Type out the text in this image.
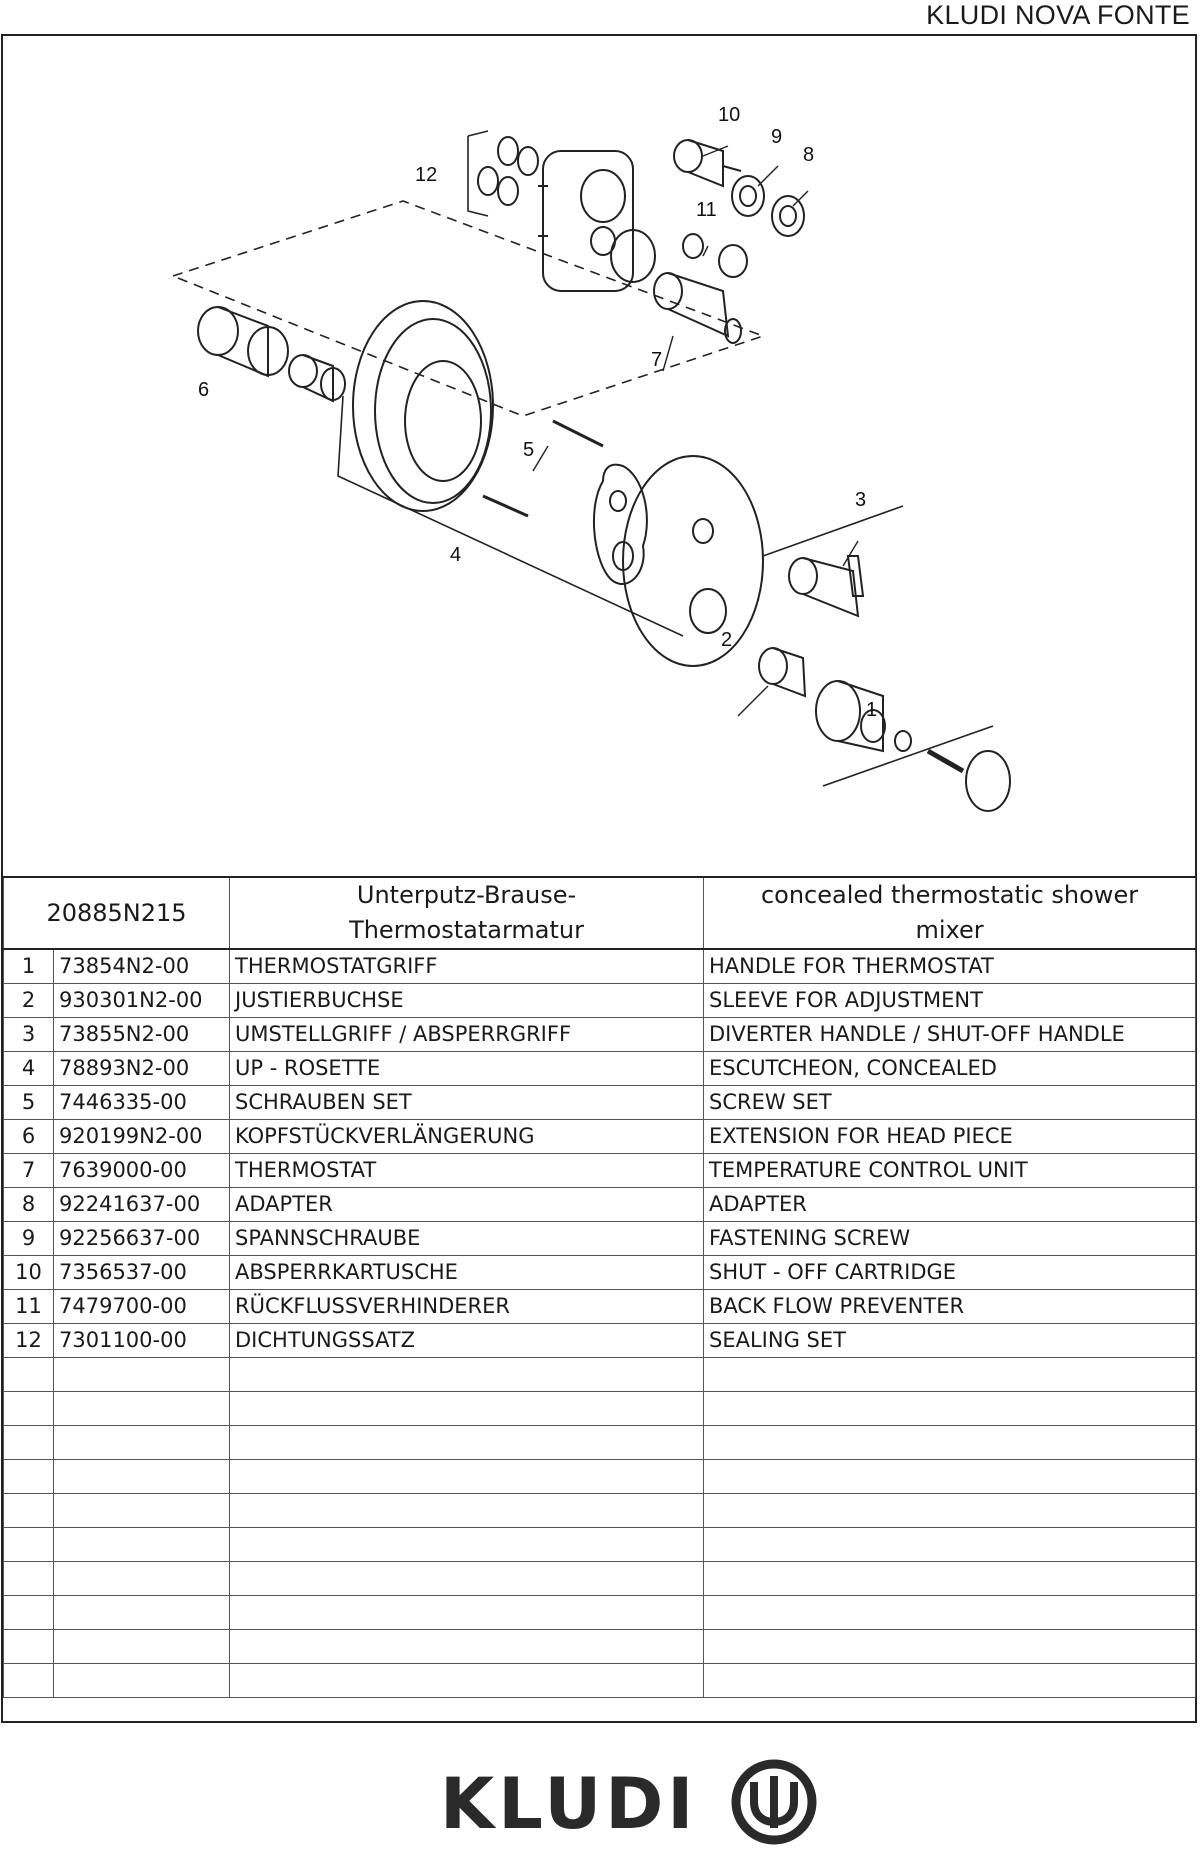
KLUDI NOVA FONTE
10
9
8
12
11
7
6
5
3
4
2
1
20885N215		Unterputz-Brause-
Thermostatarmatur	concealed thermostatic shower
mixer
1	73854N2-00	THERMOSTATGRIFF	HANDLE FOR THERMOSTAT
2	930301N2-00	JUSTIERBUCHSE	SLEEVE FOR ADJUSTMENT
3	73855N2-00	UMSTELLGRIFF / ABSPERRGRIFF	DIVERTER HANDLE / SHUT-OFF HANDLE
4	78893N2-00	UP - ROSETTE	ESCUTCHEON, CONCEALED
5	7446335-00	SCHRAUBEN SET	SCREW SET
6	920199N2-00	KOPFSTÜCKVERLÄNGERUNG	EXTENSION FOR HEAD PIECE
7	7639000-00	THERMOSTAT	TEMPERATURE CONTROL UNIT
8	92241637-00	ADAPTER	ADAPTER
9	92256637-00	SPANNSCHRAUBE	FASTENING SCREW
10	7356537-00	ABSPERRKARTUSCHE	SHUT - OFF CARTRIDGE
11	7479700-00	RÜCKFLUSSVERHINDERER	BACK FLOW PREVENTER
12	7301100-00	DICHTUNGSSATZ	SEALING SET

KLUDI
